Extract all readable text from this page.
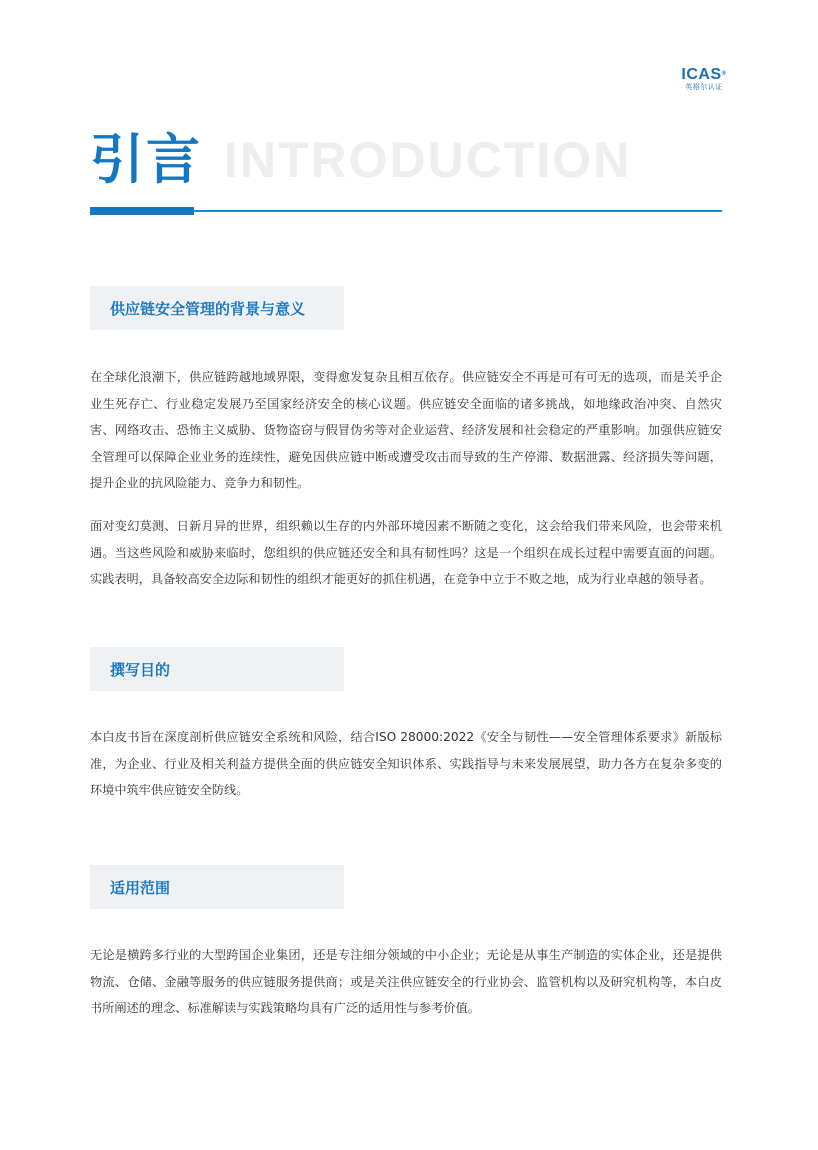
ICAS®
英格尔认证
引言 INTRODUCTION
供应链安全管理的背景与意义

在全球化浪潮下，供应链跨越地域界限，变得愈发复杂且相互依存。供应链安全不再是可有可无的选项，而是关乎企业生死存亡、行业稳定发展乃至国家经济安全的核心议题。供应链安全面临的诸多挑战，如地缘政治冲突、自然灾害、网络攻击、恐怖主义威胁、货物盗窃与假冒伪劣等对企业运营、经济发展和社会稳定的严重影响。加强供应链安全管理可以保障企业业务的连续性，避免因供应链中断或遭受攻击而导致的生产停滞、数据泄露、经济损失等问题，提升企业的抗风险能力、竞争力和韧性。

面对变幻莫测、日新月异的世界，组织赖以生存的内外部环境因素不断随之变化，这会给我们带来风险，也会带来机遇。当这些风险和威胁来临时，您组织的供应链还安全和具有韧性吗？这是一个组织在成长过程中需要直面的问题。实践表明，具备较高安全边际和韧性的组织才能更好的抓住机遇，在竞争中立于不败之地，成为行业卓越的领导者。

撰写目的

本白皮书旨在深度剖析供应链安全系统和风险，结合ISO 28000:2022《安全与韧性——安全管理体系要求》新版标准，为企业、行业及相关利益方提供全面的供应链安全知识体系、实践指导与未来发展展望，助力各方在复杂多变的环境中筑牢供应链安全防线。

适用范围

无论是横跨多行业的大型跨国企业集团，还是专注细分领域的中小企业；无论是从事生产制造的实体企业，还是提供物流、仓储、金融等服务的供应链服务提供商；或是关注供应链安全的行业协会、监管机构以及研究机构等，本白皮书所阐述的理念、标准解读与实践策略均具有广泛的适用性与参考价值。
